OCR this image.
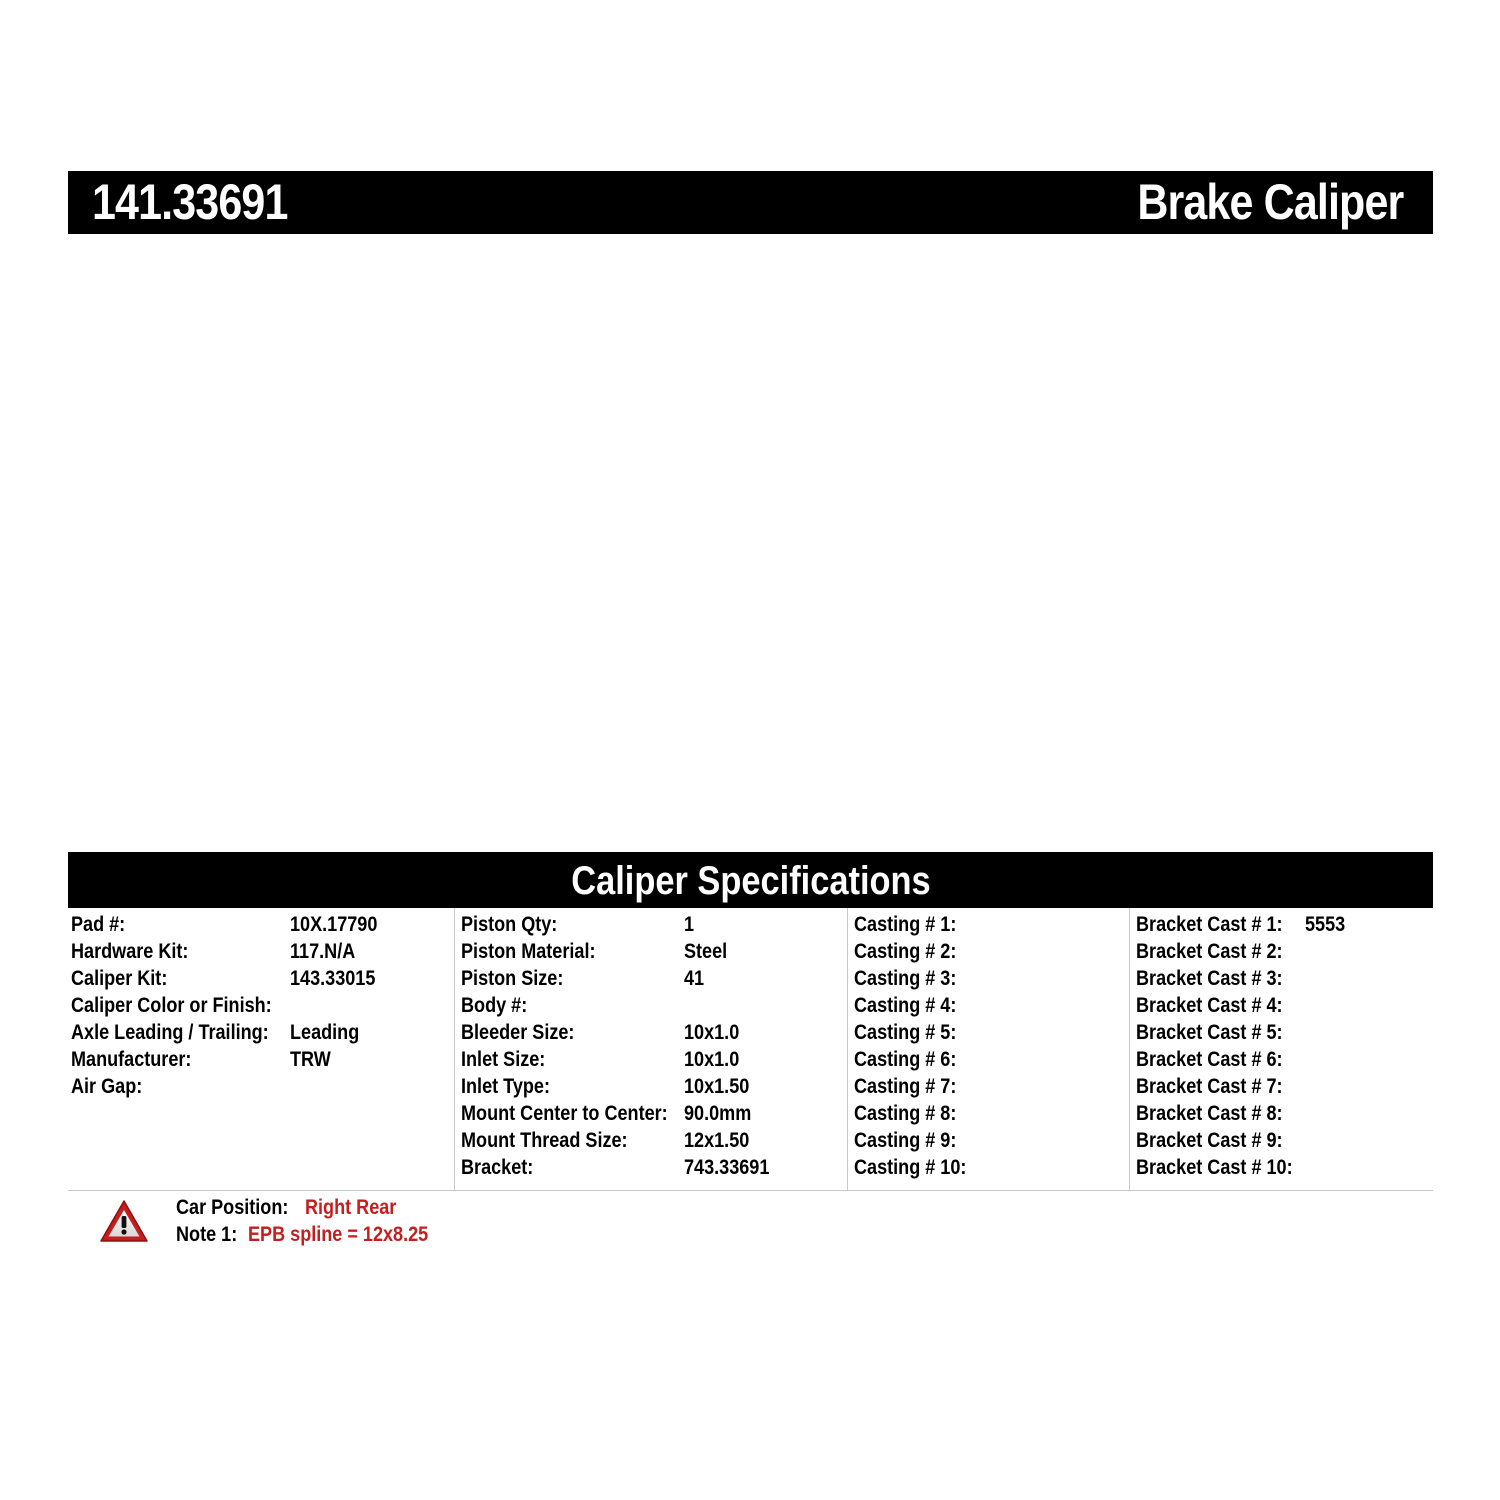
141.33691	Brake Caliper
Caliper Specifications
Pad #:	10X.17790
Hardware Kit:	117.N/A
Caliper Kit:	143.33015
Caliper Color or Finish:
Axle Leading / Trailing: Leading
Manufacturer:	TRW
Air Gap:
Piston Qty:	1
Piston Material:	Steel
Piston Size:	41
Body #:
Bleeder Size:	10x1.0
Inlet Size:	10x1.0
Inlet Type:	10x1.50
Mount Center to Center: 90.0mm
Mount Thread Size:	12x1.50
Bracket:	743.33691
Casting # 1:
Casting # 2:
Casting # 3:
Casting # 4:
Casting # 5:
Casting # 6:
Casting # 7:
Casting # 8:
Casting # 9:
Casting # 10:
Bracket Cast # 1: 5553
Bracket Cast # 2:
Bracket Cast # 3:
Bracket Cast # 4:
Bracket Cast # 5:
Bracket Cast # 6:
Bracket Cast # 7:
Bracket Cast # 8:
Bracket Cast # 9:
Bracket Cast # 10:
Car Position: Right Rear
Note 1: EPB spline = 12x8.25
